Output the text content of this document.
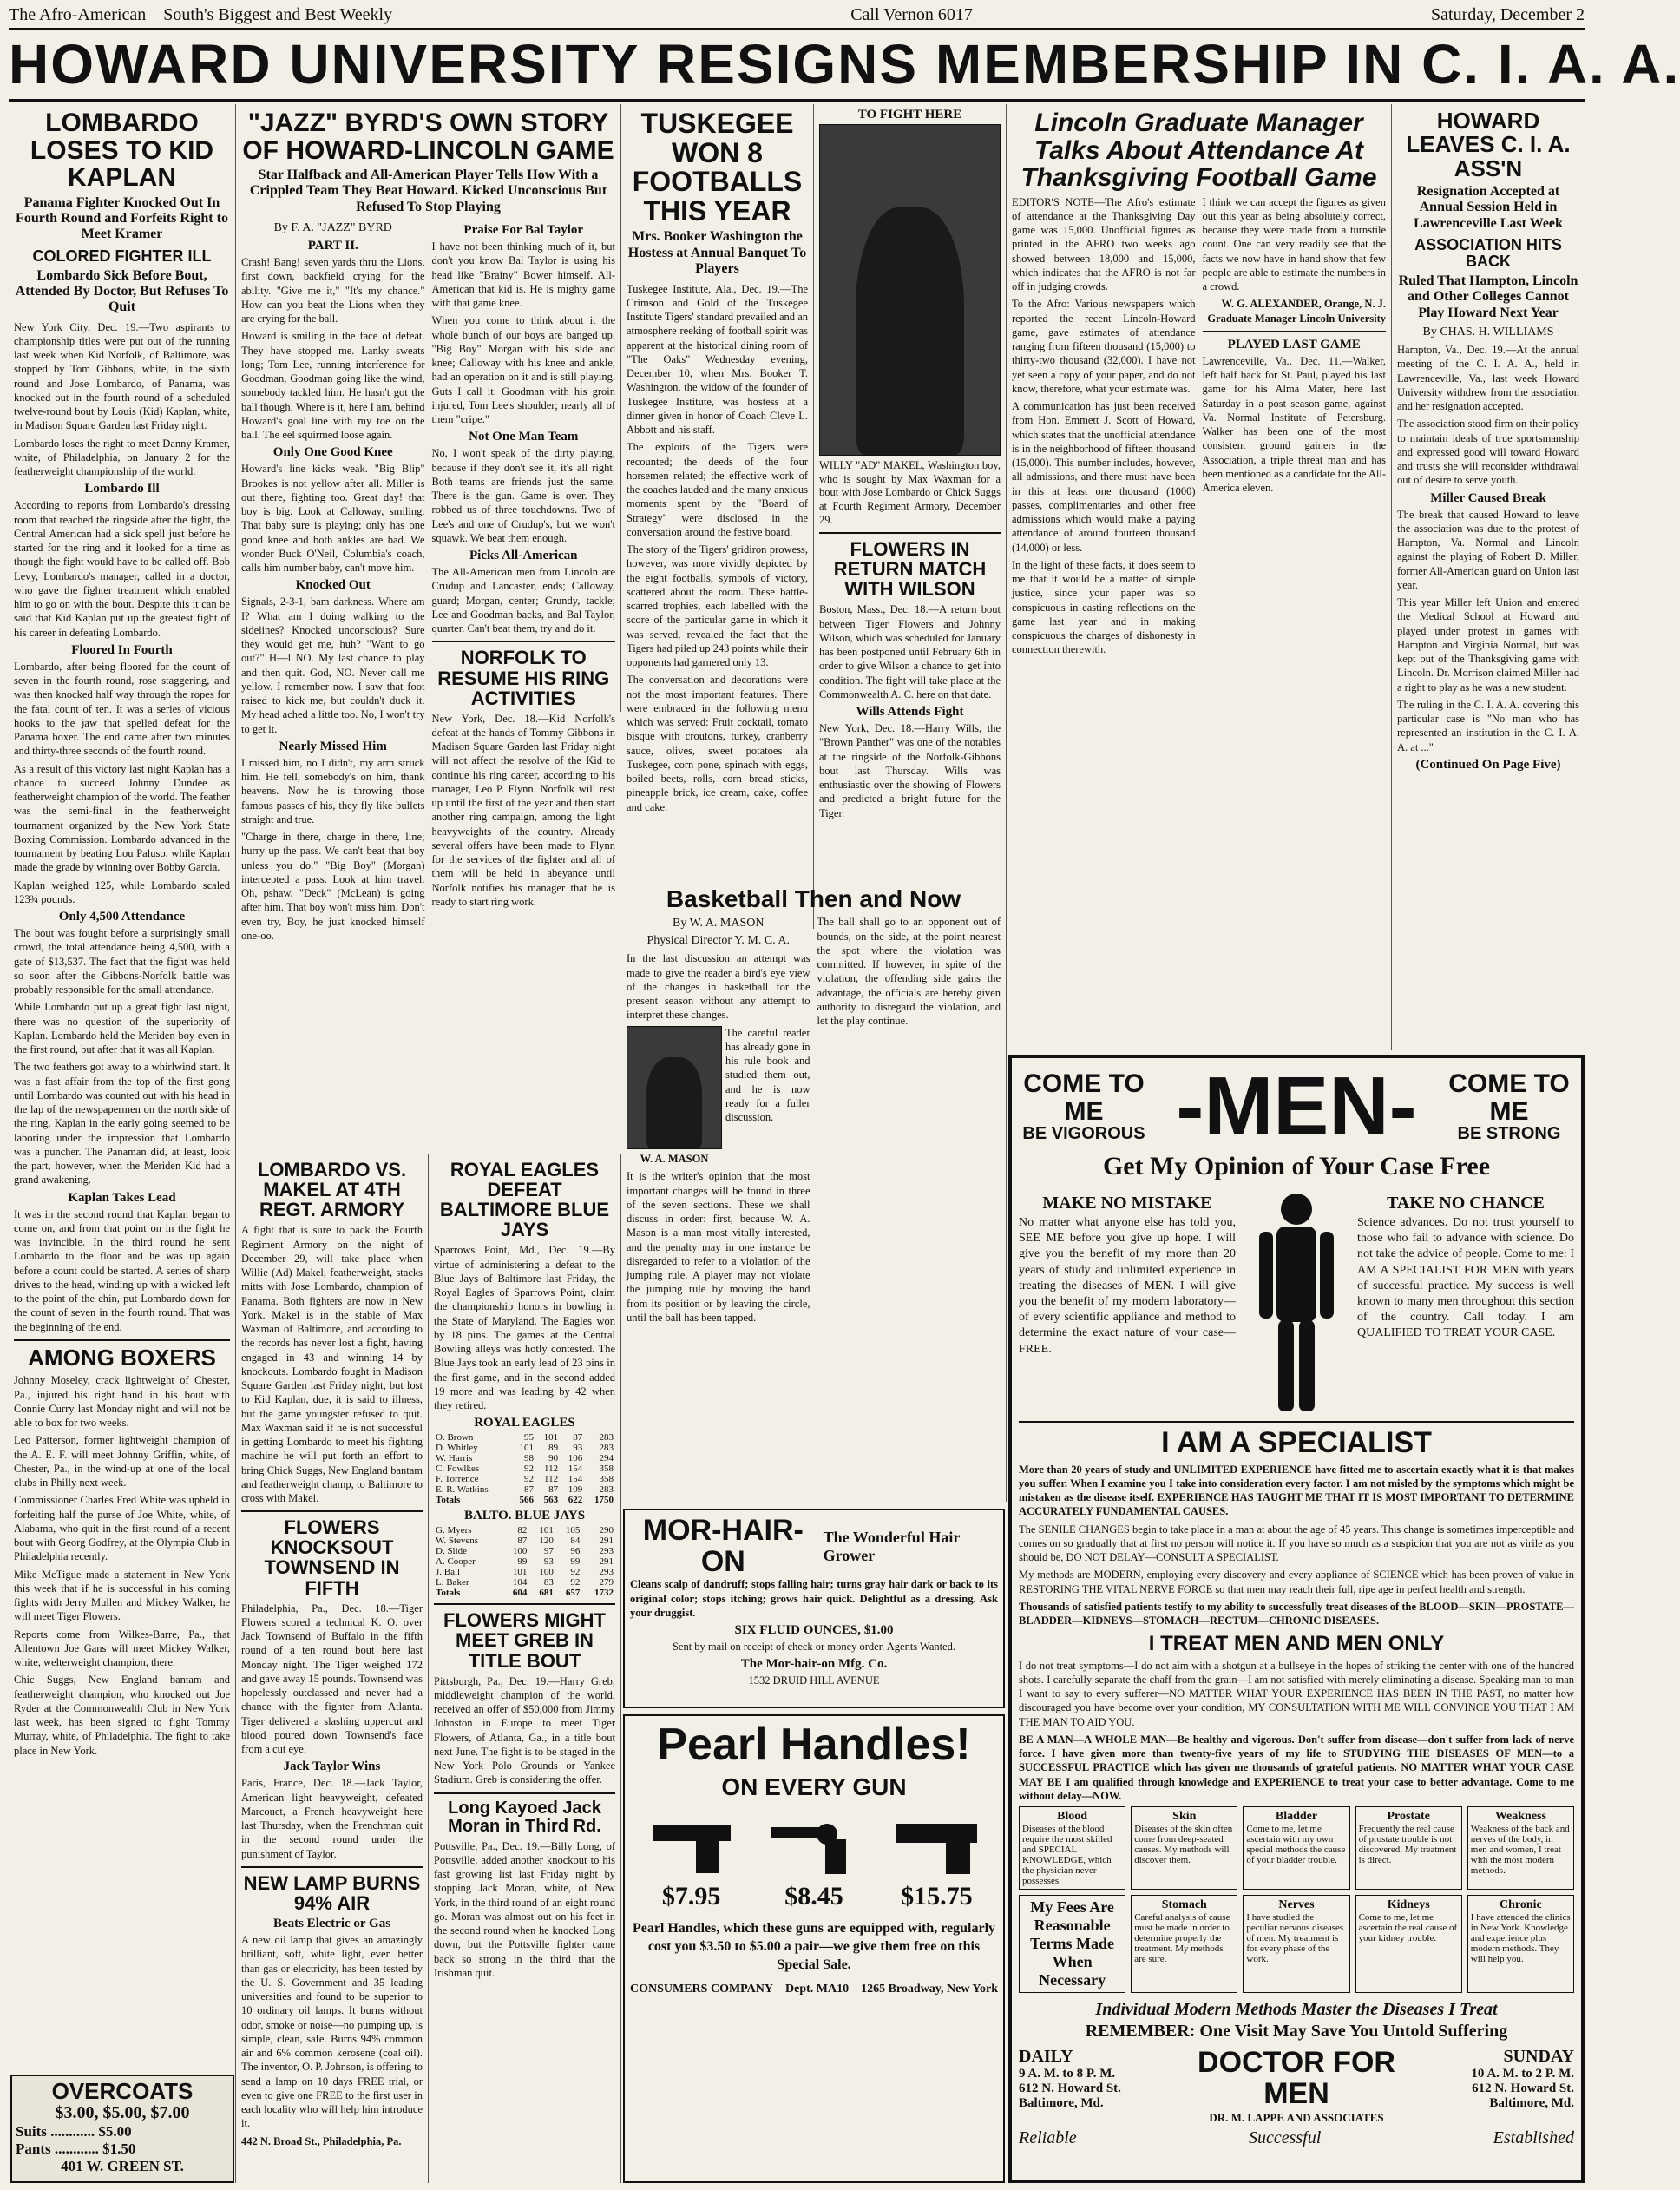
The Afro-American—South's Biggest and Best Weekly	Call Vernon 6017	Saturday, December 2
HOWARD UNIVERSITY RESIGNS MEMBERSHIP IN C. I. A. A.
LOMBARDO LOSES TO KID KAPLAN
Panama Fighter Knocked Out In Fourth Round and Forfeits Right to Meet Kramer
COLORED FIGHTER ILL
Lombardo Sick Before Bout, Attended By Doctor, But Refuses To Quit

New York City, Dec. 19.—Two aspirants to championship titles were put out of the running last week when Kid Norfolk, of Baltimore, was stopped by Tom Gibbons, white, in the sixth round and Jose Lombardo, of Panama, was knocked out in the fourth round of a scheduled twelve-round bout by Louis (Kid) Kaplan, white, in Madison Square Garden last Friday night.

Lombardo loses the right to meet Danny Kramer, white, of Philadelphia, on January 2 for the featherweight championship of the world.

Lombardo Ill

According to reports from Lombardo's dressing room that reached the ringside after the fight, the Central American had a sick spell just before he started for the ring and it looked for a time as though the fight would have to be called off. Bob Levy, Lombardo's manager, called in a doctor, who gave the fighter treatment which enabled him to go on with the bout. Despite this it can be said that Kid Kaplan put up the greatest fight of his career in defeating Lombardo.

Floored In Fourth

Lombardo, after being floored for the count of seven in the fourth round, rose staggering, and was then knocked half way through the ropes for the fatal count of ten. It was a series of vicious hooks to the jaw that spelled defeat for the Panama boxer. The end came after two minutes and thirty-three seconds of the fourth round.

As a result of this victory last night Kaplan has a chance to succeed Johnny Dundee as featherweight champion of the world. The feather was the semi-final in the featherweight tournament organized by the New York State Boxing Commission. Lombardo advanced in the tournament by beating Lou Paluso, while Kaplan made the grade by winning over Bobby Garcia.

Kaplan weighed 125, while Lombardo scaled 123¾ pounds.

Only 4,500 Attendance

The bout was fought before a surprisingly small crowd, the total attendance being 4,500, with a gate of $13,537. The fact that the fight was held so soon after the Gibbons-Norfolk battle was probably responsible for the small attendance.

While Lombardo put up a great fight last night, there was no question of the superiority of Kaplan. Lombardo held the Meriden boy even in the first round, but after that it was all Kaplan.

The two feathers got away to a whirlwind start. It was a fast affair from the top of the first gong until Lombardo was counted out with his head in the lap of the newspapermen on the north side of the ring. Kaplan in the early going seemed to be laboring under the impression that Lombardo was a puncher. The Panaman did, at least, look the part, however, when the Meriden Kid had a grand awakening.

Kaplan Takes Lead

It was in the second round that Kaplan began to come on, and from that point on in the fight he was invincible. In the third round he sent Lombardo to the floor and he was up again before a count could be started. A series of sharp drives to the head, winding up with a wicked left to the point of the chin, put Lombardo down for the count of seven in the fourth round. That was the beginning of the end.

AMONG BOXERS

Johnny Moseley, crack lightweight of Chester, Pa., injured his right hand in his bout with Connie Curry last Monday night and will not be able to box for two weeks.

Leo Patterson, former lightweight champion of the A. E. F. will meet Johnny Griffin, white, of Chester, Pa., in the wind-up at one of the local clubs in Philly next week.

Commissioner Charles Fred White was upheld in forfeiting half the purse of Joe White, white, of Alabama, who quit in the first round of a recent bout with Georg Godfrey, at the Olympia Club in Philadelphia recently.

Mike McTigue made a statement in New York this week that if he is successful in his coming fights with Jerry Mullen and Mickey Walker, he will meet Tiger Flowers.

Reports come from Wilkes-Barre, Pa., that Allentown Joe Gans will meet Mickey Walker, white, welterweight champion, there.

Chic Suggs, New England bantam and featherweight champion, who knocked out Joe Ryder at the Commonwealth Club in New York last week, has been signed to fight Tommy Murray, white, of Philadelphia. The fight to take place in New York.

OVERCOATS
$3.00, $5.00, $7.00
Suits ............ $5.00
Pants ............ $1.50
401 W. GREEN ST.
"JAZZ" BYRD'S OWN STORY OF HOWARD-LINCOLN GAME
Star Halfback and All-American Player Tells How With a Crippled Team They Beat Howard. Kicked Unconscious But Refused To Stop Playing
By F. A. "JAZZ" BYRD
PART II.

Crash! Bang! seven yards thru the Lions, first down, backfield crying for the ability. "Give me it," "It's my chance." How can you beat the Lions when they are crying for the ball.

Howard is smiling in the face of defeat. They have stopped me. Lanky sweats long; Tom Lee, running interference for Goodman, Goodman going like the wind, somebody tackled him. He hasn't got the ball though. Where is it, here I am, behind Howard's goal line with my toe on the ball. The eel squirmed loose again.

Only One Good Knee

Howard's line kicks weak. "Big Blip" Brookes is not yellow after all. Miller is out there, fighting too. Great day! that boy is big. Look at Calloway, smiling. That baby sure is playing; only has one good knee and both ankles are bad. We wonder Buck O'Neil, Columbia's coach, calls him number baby, can't move him.

Knocked Out

Signals, 2-3-1, bam darkness. Where am I? What am I doing walking to the sidelines? Knocked unconscious? Sure they would get me, huh? "Want to go out?" H—l NO. My last chance to play and then quit. God, NO. Never call me yellow. I remember now. I saw that foot raised to kick me, but couldn't duck it. My head ached a little too. No, I won't try to get it.

Nearly Missed Him

I missed him, no I didn't, my arm struck him. He fell, somebody's on him, thank heavens. Now he is throwing those famous passes of his, they fly like bullets straight and true.

"Charge in there, charge in there, line; hurry up the pass. We can't beat that boy unless you do." "Big Boy" (Morgan) intercepted a pass. Look at him travel. Oh, pshaw, "Deck" (McLean) is going after him. That boy won't miss him. Don't even try, Boy, he just knocked himself one-oo.

Praise For Bal Taylor

I have not been thinking much of it, but don't you know Bal Taylor is using his head like "Brainy" Bower himself. All-American that kid is. He is mighty game with that game knee.

When you come to think about it the whole bunch of our boys are banged up. "Big Boy" Morgan with his side and knee; Calloway with his knee and ankle, had an operation on it and is still playing. Guts I call it. Goodman with his groin injured, Tom Lee's shoulder; nearly all of them "cripe."

Not One Man Team

No, I won't speak of the dirty playing, because if they don't see it, it's all right. Both teams are friends just the same. There is the gun. Game is over. They robbed us of three touchdowns. Two of Lee's and one of Crudup's, but we won't squawk. We beat them enough.

Picks All-American

The All-American men from Lincoln are Crudup and Lancaster, ends; Calloway, guard; Morgan, center; Grundy, tackle; Lee and Goodman backs, and Bal Taylor, quarter. Can't beat them, try and do it.

NORFOLK TO RESUME HIS RING ACTIVITIES

New York, Dec. 18.—Kid Norfolk's defeat at the hands of Tommy Gibbons in Madison Square Garden last Friday night will not affect the resolve of the Kid to continue his ring career, according to his manager, Leo P. Flynn. Norfolk will rest up until the first of the year and then start another ring campaign, among the light heavyweights of the country. Already several offers have been made to Flynn for the services of the fighter and all of them will be held in abeyance until Norfolk notifies his manager that he is ready to start ring work.

LOMBARDO VS. MAKEL AT 4TH REGT. ARMORY

A fight that is sure to pack the Fourth Regiment Armory on the night of December 29, will take place when Willie (Ad) Makel, featherweight, stacks mitts with Jose Lombardo, champion of Panama. Both fighters are now in New York. Makel is in the stable of Max Waxman of Baltimore, and according to the records has never lost a fight, having engaged in 43 and winning 14 by knockouts. Lombardo fought in Madison Square Garden last Friday night, but lost to Kid Kaplan, due, it is said to illness, but the game youngster refused to quit. Max Waxman said if he is not successful in getting Lombardo to meet his fighting machine he will put forth an effort to bring Chick Suggs, New England bantam and featherweight champ, to Baltimore to cross with Makel.

FLOWERS KNOCKSOUT TOWNSEND IN FIFTH

Philadelphia, Pa., Dec. 18.—Tiger Flowers scored a technical K. O. over Jack Townsend of Buffalo in the fifth round of a ten round bout here last Monday night. The Tiger weighed 172 and gave away 15 pounds. Townsend was hopelessly outclassed and never had a chance with the fighter from Atlanta. Tiger delivered a slashing uppercut and blood poured down Townsend's face from a cut eye.

Jack Taylor Wins

Paris, France, Dec. 18.—Jack Taylor, American light heavyweight, defeated Marcouet, a French heavyweight here last Thursday, when the Frenchman quit in the second round under the punishment of Taylor.

NEW LAMP BURNS 94% AIR
Beats Electric or Gas

A new oil lamp that gives an amazingly brilliant, soft, white light, even better than gas or electricity, has been tested by the U. S. Government and 35 leading universities and found to be superior to 10 ordinary oil lamps. It burns without odor, smoke or noise—no pumping up, is simple, clean, safe. Burns 94% common air and 6% common kerosene (coal oil). The inventor, O. P. Johnson, is offering to send a lamp on 10 days FREE trial, or even to give one FREE to the first user in each locality who will help him introduce it.

442 N. Broad St., Philadelphia, Pa.

ROYAL EAGLES DEFEAT BALTIMORE BLUE JAYS

Sparrows Point, Md., Dec. 19.—By virtue of administering a defeat to the Blue Jays of Baltimore last Friday, the Royal Eagles of Sparrows Point, claim the championship honors in bowling in the State of Maryland. The Eagles won by 18 pins. The games at the Central Bowling alleys was hotly contested. The Blue Jays took an early lead of 23 pins in the first game, and in the second added 19 more and was leading by 42 when they retired.

ROYAL EAGLES
O. Brown	95	101	87	283
D. Whitley	101	89	93	283
W. Harris	98	90	106	294
C. Fowlkes	92	112	154	358
F. Torrence	92	112	154	358
E. R. Watkins	87	87	109	283
Totals	566	563	622	1750
BALTO. BLUE JAYS
G. Myers	82	101	105	290
W. Stevens	87	120	84	291
D. Slide	100	97	96	293
A. Cooper	99	93	99	291
J. Ball	101	100	92	293
L. Baker	104	83	92	279
Totals	604	681	657	1732
FLOWERS MIGHT MEET GREB IN TITLE BOUT

Pittsburgh, Pa., Dec. 19.—Harry Greb, middleweight champion of the world, received an offer of $50,000 from Jimmy Johnston in Europe to meet Tiger Flowers, of Atlanta, Ga., in a title bout next June. The fight is to be staged in the New York Polo Grounds or Yankee Stadium. Greb is considering the offer.

Long Kayoed Jack Moran in Third Rd.

Pottsville, Pa., Dec. 19.—Billy Long, of Pottsville, added another knockout to his fast growing list last Friday night by stopping Jack Moran, white, of New York, in the third round of an eight round go. Moran was almost out on his feet in the second round when he knocked Long down, but the Pottsville fighter came back so strong in the third that the Irishman quit.

TUSKEGEE WON 8 FOOTBALLS THIS YEAR
Mrs. Booker Washington the Hostess at Annual Banquet To Players

Tuskegee Institute, Ala., Dec. 19.—The Crimson and Gold of the Tuskegee Institute Tigers' standard prevailed and an atmosphere reeking of football spirit was apparent at the historical dining room of "The Oaks" Wednesday evening, December 10, when Mrs. Booker T. Washington, the widow of the founder of Tuskegee Institute, was hostess at a dinner given in honor of Coach Cleve L. Abbott and his staff.

The exploits of the Tigers were recounted; the deeds of the four horsemen related; the effective work of the coaches lauded and the many anxious moments spent by the "Board of Strategy" were disclosed in the conversation around the festive board.

The story of the Tigers' gridiron prowess, however, was more vividly depicted by the eight footballs, symbols of victory, scattered about the room. These battle-scarred trophies, each labelled with the score of the particular game in which it was served, revealed the fact that the Tigers had piled up 243 points while their opponents had garnered only 13.

The conversation and decorations were not the most important features. There were embraced in the following menu which was served: Fruit cocktail, tomato bisque with croutons, turkey, cranberry sauce, olives, sweet potatoes ala Tuskegee, corn pone, spinach with eggs, boiled beets, rolls, corn bread sticks, pineapple brick, ice cream, cake, coffee and cake.

TO FIGHT HERE

WILLY "AD" MAKEL, Washington boy, who is sought by Max Waxman for a bout with Jose Lombardo or Chick Suggs at Fourth Regiment Armory, December 29.

FLOWERS IN RETURN MATCH WITH WILSON

Boston, Mass., Dec. 18.—A return bout between Tiger Flowers and Johnny Wilson, which was scheduled for January has been postponed until February 6th in order to give Wilson a chance to get into condition. The fight will take place at the Commonwealth A. C. here on that date.

Wills Attends Fight

New York, Dec. 18.—Harry Wills, the "Brown Panther" was one of the notables at the ringside of the Norfolk-Gibbons bout last Thursday. Wills was enthusiastic over the showing of Flowers and predicted a bright future for the Tiger.

Basketball Then and Now
By W. A. MASON
Physical Director Y. M. C. A.

In the last discussion an attempt was made to give the reader a bird's eye view of the changes in basketball for the present season without any attempt to interpret these changes.

W. A. MASON

The careful reader has already gone in his rule book and studied them out, and he is now ready for a fuller discussion.

It is the writer's opinion that the most important changes will be found in three of the seven sections. These we shall discuss in order: first, because W. A. Mason is a man most vitally interested, and the penalty may in one instance be disregarded to refer to a violation of the jumping rule. A player may not violate the jumping rule by moving the hand from its position or by leaving the circle, until the ball has been tapped.

The ball shall go to an opponent out of bounds, on the side, at the point nearest the spot where the violation was committed. If however, in spite of the violation, the offending side gains the advantage, the officials are hereby given authority to disregard the violation, and let the play continue.

MOR-HAIR-ON
The Wonderful Hair Grower

Cleans scalp of dandruff; stops falling hair; turns gray hair dark or back to its original color; stops itching; grows hair quick. Delightful as a dressing. Ask your druggist.

SIX FLUID OUNCES, $1.00
Sent by mail on receipt of check or money order. Agents Wanted.
The Mor-hair-on Mfg. Co.
1532 DRUID HILL AVENUE
Pearl Handles!
ON EVERY GUN
$7.95	$8.45	$15.75

Pearl Handles, which these guns are equipped with, regularly cost you $3.50 to $5.00 a pair—we give them free on this Special Sale.

CONSUMERS COMPANY Dept. MA10 1265 Broadway, New York
Lincoln Graduate Manager Talks About Attendance At Thanksgiving Football Game

EDITOR'S NOTE—The Afro's estimate of attendance at the Thanksgiving Day game was 15,000. Unofficial figures as printed in the AFRO two weeks ago showed between 18,000 and 15,000, which indicates that the AFRO is not far off in judging crowds.

To the Afro: Various newspapers which reported the recent Lincoln-Howard game, gave estimates of attendance ranging from fifteen thousand (15,000) to thirty-two thousand (32,000). I have not yet seen a copy of your paper, and do not know, therefore, what your estimate was.

A communication has just been received from Hon. Emmett J. Scott of Howard, which states that the unofficial attendance is in the neighborhood of fifteen thousand (15,000). This number includes, however, all admissions, and there must have been in this at least one thousand (1000) passes, complimentaries and other free admissions which would make a paying attendance of around fourteen thousand (14,000) or less.

In the light of these facts, it does seem to me that it would be a matter of simple justice, since your paper was so conspicuous in casting reflections on the game last year and in making conspicuous the charges of dishonesty in connection therewith.

I think we can accept the figures as given out this year as being absolutely correct, because they were made from a turnstile count. One can very readily see that the facts we now have in hand show that few people are able to estimate the numbers in a crowd.

W. G. ALEXANDER, Orange, N. J. Graduate Manager Lincoln University

PLAYED LAST GAME

Lawrenceville, Va., Dec. 11.—Walker, left half back for St. Paul, played his last game for his Alma Mater, here last Saturday in a post season game, against Va. Normal Institute of Petersburg. Walker has been one of the most consistent ground gainers in the Association, a triple threat man and has been mentioned as a candidate for the All-America eleven.

HOWARD LEAVES C. I. A. ASS'N
Resignation Accepted at Annual Session Held in Lawrenceville Last Week
ASSOCIATION HITS BACK
Ruled That Hampton, Lincoln and Other Colleges Cannot Play Howard Next Year
By CHAS. H. WILLIAMS

Hampton, Va., Dec. 19.—At the annual meeting of the C. I. A. A., held in Lawrenceville, Va., last week Howard University withdrew from the association and her resignation accepted.

The association stood firm on their policy to maintain ideals of true sportsmanship and expressed good will toward Howard and trusts she will reconsider withdrawal out of desire to serve youth.

Miller Caused Break

The break that caused Howard to leave the association was due to the protest of Hampton, Va. Normal and Lincoln against the playing of Robert D. Miller, former All-American guard on Union last year.

This year Miller left Union and entered the Medical School at Howard and played under protest in games with Hampton and Virginia Normal, but was kept out of the Thanksgiving game with Lincoln. Dr. Morrison claimed Miller had a right to play as he was a new student.

The ruling in the C. I. A. A. covering this particular case is "No man who has represented an institution in the C. I. A. A. at ..."

(Continued On Page Five)
COME TO ME
BE VIGOROUS -MEN- COME TO ME
BE STRONG
Get My Opinion of Your Case Free
MAKE NO MISTAKE

No matter what anyone else has told you, SEE ME before you give up hope. I will give you the benefit of my more than 20 years of study and unlimited experience in treating the diseases of MEN. I will give you the benefit of my modern laboratory—of every scientific appliance and method to determine the exact nature of your case—FREE.

TAKE NO CHANCE

Science advances. Do not trust yourself to those who fail to advance with science. Do not take the advice of people. Come to me: I AM A SPECIALIST FOR MEN with years of successful practice. My success is well known to many men throughout this section of the country. Call today. I am QUALIFIED TO TREAT YOUR CASE.

I AM A SPECIALIST

More than 20 years of study and UNLIMITED EXPERIENCE have fitted me to ascertain exactly what it is that makes you suffer. When I examine you I take into consideration every factor. I am not misled by the symptoms which might be mistaken as the disease itself. EXPERIENCE HAS TAUGHT ME THAT IT IS MOST IMPORTANT TO DETERMINE ACCURATELY FUNDAMENTAL CAUSES.

The SENILE CHANGES begin to take place in a man at about the age of 45 years. This change is sometimes imperceptible and comes on so gradually that at first no person will notice it. If you have so much as a suspicion that you are not as virile as you should be, DO NOT DELAY—CONSULT A SPECIALIST.

My methods are MODERN, employing every discovery and every appliance of SCIENCE which has been proven of value in RESTORING THE VITAL NERVE FORCE so that men may reach their full, ripe age in perfect health and strength.

Thousands of satisfied patients testify to my ability to successfully treat diseases of the BLOOD—SKIN—PROSTATE—BLADDER—KIDNEYS—STOMACH—RECTUM—CHRONIC DISEASES.

I TREAT MEN AND MEN ONLY

I do not treat symptoms—I do not aim with a shotgun at a bullseye in the hopes of striking the center with one of the hundred shots. I carefully separate the chaff from the grain—I am not satisfied with merely eliminating a disease. Speaking man to man I want to say to every sufferer—NO MATTER WHAT YOUR EXPERIENCE HAS BEEN IN THE PAST, no matter how discouraged you have become over your condition, MY CONSULTATION WITH ME WILL CONVINCE YOU THAT I AM THE MAN TO AID YOU.

BE A MAN—A WHOLE MAN—Be healthy and vigorous. Don't suffer from disease—don't suffer from lack of nerve force. I have given more than twenty-five years of my life to STUDYING THE DISEASES OF MEN—to a SUCCESSFUL PRACTICE which has given me thousands of grateful patients. NO MATTER WHAT YOUR CASE MAY BE I am qualified through knowledge and EXPERIENCE to treat your case to better advantage. Come to me without delay—NOW.

Blood
Diseases of the blood require the most skilled and SPECIAL KNOWLEDGE, which the physician never possesses.
Skin
Diseases of the skin often come from deep-seated causes. My methods will discover them.
Bladder
Come to me, let me ascertain with my own special methods the cause of your bladder trouble.
Prostate
Frequently the real cause of prostate trouble is not discovered. My treatment is direct.
Weakness
Weakness of the back and nerves of the body, in men and women, I treat with the most modern methods.
My Fees Are Reasonable Terms Made When Necessary
Stomach
Careful analysis of cause must be made in order to determine properly the treatment. My methods are sure.
Nerves
I have studied the peculiar nervous diseases of men. My treatment is for every phase of the work.
Kidneys
Come to me, let me ascertain the real cause of your kidney trouble.
Chronic
I have attended the clinics in New York. Knowledge and experience plus modern methods. They will help you.
Individual Modern Methods Master the Diseases I Treat
REMEMBER: One Visit May Save You Untold Suffering
DAILY
9 A. M. to 8 P. M.
612 N. Howard St. Baltimore, Md.
DOCTOR FOR MEN
SUNDAY
10 A. M. to 2 P. M.
612 N. Howard St. Baltimore, Md.
DR. M. LAPPE AND ASSOCIATES
Reliable	Successful	Established
